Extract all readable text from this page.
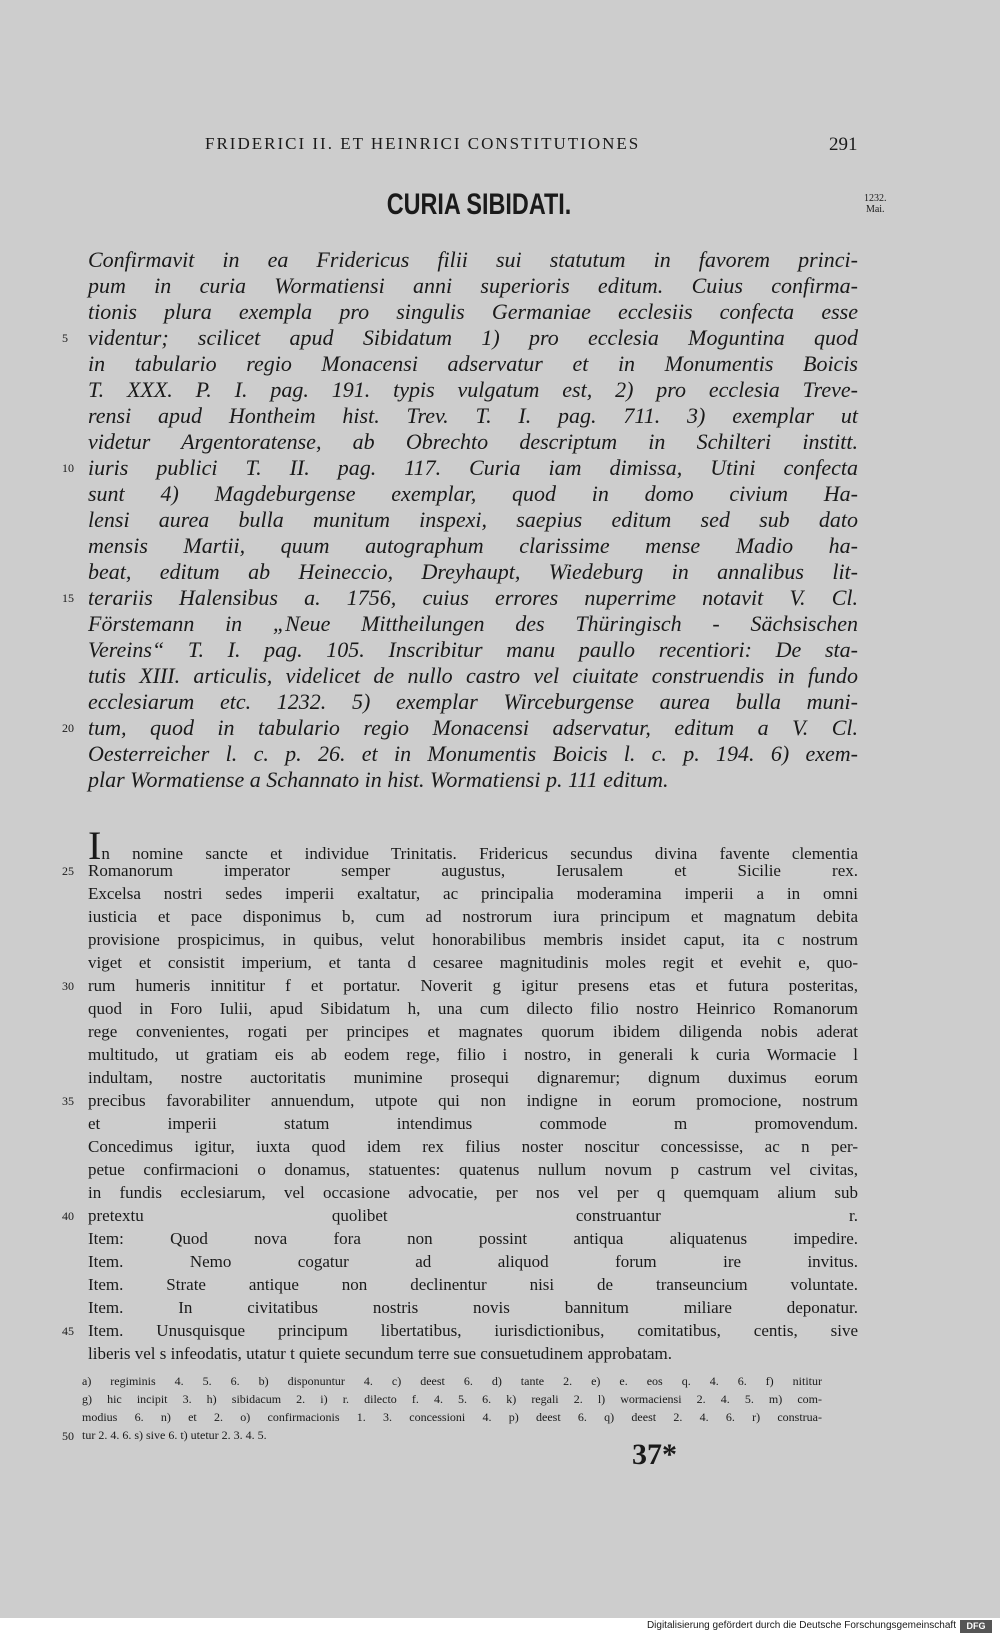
FRIDERICI II. ET HEINRICI CONSTITUTIONES	291
CURIA SIBIDATI.	1232.
Mai.
Confirmavit in ea Fridericus filii sui statutum in favorem princi-
pum in curia Wormatiensi anni superioris editum. Cuius confirma-
tionis plura exempla pro singulis Germaniae ecclesiis confecta esse
videntur; scilicet apud Sibidatum 1) pro ecclesia Moguntina quod
in tabulario regio Monacensi adservatur et in Monumentis Boicis
T. XXX. P. I. pag. 191. typis vulgatum est, 2) pro ecclesia Treve-
rensi apud Hontheim hist. Trev. T. I. pag. 711. 3) exemplar ut
videtur Argentoratense, ab Obrechto descriptum in Schilteri institt.
iuris publici T. II. pag. 117. Curia iam dimissa, Utini confecta
sunt 4) Magdeburgense exemplar, quod in domo civium Ha-
lensi aurea bulla munitum inspexi, saepius editum sed sub dato
mensis Martii, quum autographum clarissime mense Madio ha-
beat, editum ab Heineccio, Dreyhaupt, Wiedeburg in annalibus lit-
terariis Halensibus a. 1756, cuius errores nuperrime notavit V. Cl.
Förstemann in „Neue Mittheilungen des Thüringisch - Sächsischen
Vereins“ T. I. pag. 105. Inscribitur manu paullo recentiori: De sta-
tutis XIII. articulis, videlicet de nullo castro vel ciuitate construendis in fundo
ecclesiarum etc. 1232. 5) exemplar Wirceburgense aurea bulla muni-
tum, quod in tabulario regio Monacensi adservatur, editum a V. Cl.
Oesterreicher l. c. p. 26. et in Monumentis Boicis l. c. p. 194. 6) exem-
plar Wormatiense a Schannato in hist. Wormatiensi p. 111 editum.
In nomine sancte et individue Trinitatis. Fridericus secundus divina favente clementia
Romanorum imperator semper augustus, Ierusalem et Sicilie rex.
Excelsa nostri sedes imperii exaltatur, ac principalia moderamina imperii a in omni
iusticia et pace disponimus b, cum ad nostrorum iura principum et magnatum debita
provisione prospicimus, in quibus, velut honorabilibus membris insidet caput, ita c nostrum
viget et consistit imperium, et tanta d cesaree magnitudinis moles regit et evehit e, quo-
rum humeris innititur f et portatur. Noverit g igitur presens etas et futura posteritas,
quod in Foro Iulii, apud Sibidatum h, una cum dilecto filio nostro Heinrico Romanorum
rege convenientes, rogati per principes et magnates quorum ibidem diligenda nobis aderat
multitudo, ut gratiam eis ab eodem rege, filio i nostro, in generali k curia Wormacie l
indultam, nostre auctoritatis munimine prosequi dignaremur; dignum duximus eorum
precibus favorabiliter annuendum, utpote qui non indigne in eorum promocione, nostrum
et imperii statum intendimus commode m promovendum.
Concedimus igitur, iuxta quod idem rex filius noster noscitur concessisse, ac n per-
petue confirmacioni o donamus, statuentes: quatenus nullum novum p castrum vel civitas,
in fundis ecclesiarum, vel occasione advocatie, per nos vel per q quemquam alium sub
pretextu quolibet construantur r.
Item: Quod nova fora non possint antiqua aliquatenus impedire.
Item. Nemo cogatur ad aliquod forum ire invitus.
Item. Strate antique non declinentur nisi de transeuncium voluntate.
Item. In civitatibus nostris novis bannitum miliare deponatur.
Item. Unusquisque principum libertatibus, iurisdictionibus, comitatibus, centis, sive
liberis vel s infeodatis, utatur t quiete secundum terre sue consuetudinem approbatam.
a) regiminis 4. 5. 6. b) disponuntur 4. c) deest 6. d) tante 2. e) e. eos q. 4. 6. f) nititur
g) hic incipit 3. h) sibidacum 2. i) r. dilecto f. 4. 5. 6. k) regali 2. l) wormaciensi 2. 4. 5. m) com-
modius 6. n) et 2. o) confirmacionis 1. 3. concessioni 4. p) deest 6. q) deest 2. 4. 6. r) construa-
tur 2. 4. 6. s) sive 6. t) utetur 2. 3. 4. 5.
5
10
15
20
25
30
35
40
45
50
37*
Digitalisierung gefördert durch die Deutsche Forschungsgemeinschaft	DFG
